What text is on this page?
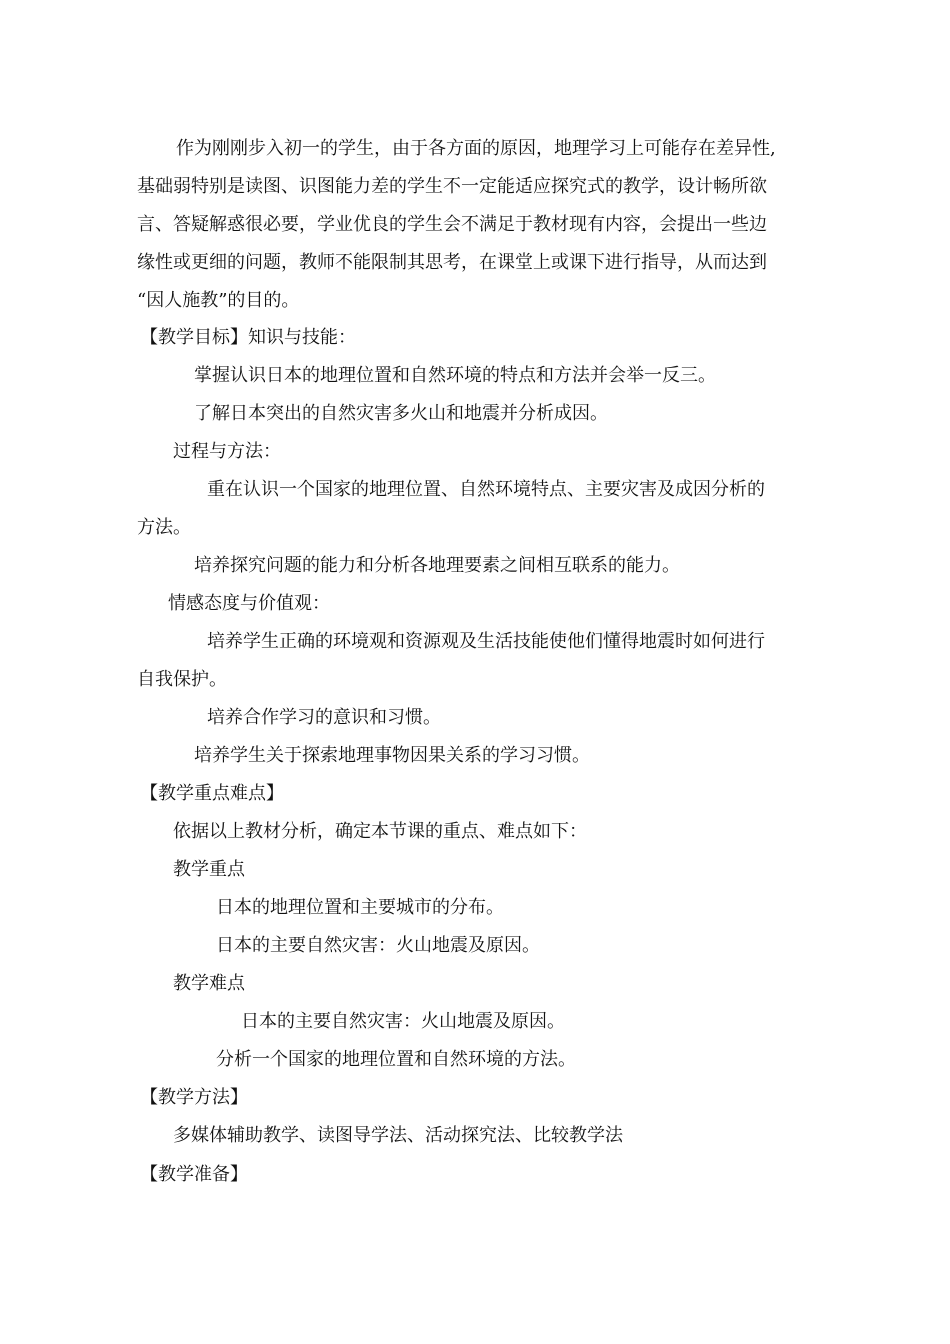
作为刚刚步入初一的学生，由于各方面的原因，地理学习上可能存在差异性,
基础弱特别是读图、识图能力差的学生不一定能适应探究式的教学，设计畅所欲
言、答疑解惑很必要，学业优良的学生会不满足于教材现有内容，会提出一些边
缘性或更细的问题，教师不能限制其思考，在课堂上或课下进行指导，从而达到
“因人施教”的目的。
【教学目标】知识与技能：
掌握认识日本的地理位置和自然环境的特点和方法并会举一反三。
了解日本突出的自然灾害多火山和地震并分析成因。
过程与方法：
重在认识一个国家的地理位置、自然环境特点、主要灾害及成因分析的
方法。
培养探究问题的能力和分析各地理要素之间相互联系的能力。
情感态度与价值观：
培养学生正确的环境观和资源观及生活技能使他们懂得地震时如何进行
自我保护。
培养合作学习的意识和习惯。
培养学生关于探索地理事物因果关系的学习习惯。
【教学重点难点】
依据以上教材分析，确定本节课的重点、难点如下：
教学重点
日本的地理位置和主要城市的分布。
日本的主要自然灾害：火山地震及原因。
教学难点
日本的主要自然灾害：火山地震及原因。
分析一个国家的地理位置和自然环境的方法。
【教学方法】
多媒体辅助教学、读图导学法、活动探究法、比较教学法
【教学准备】
